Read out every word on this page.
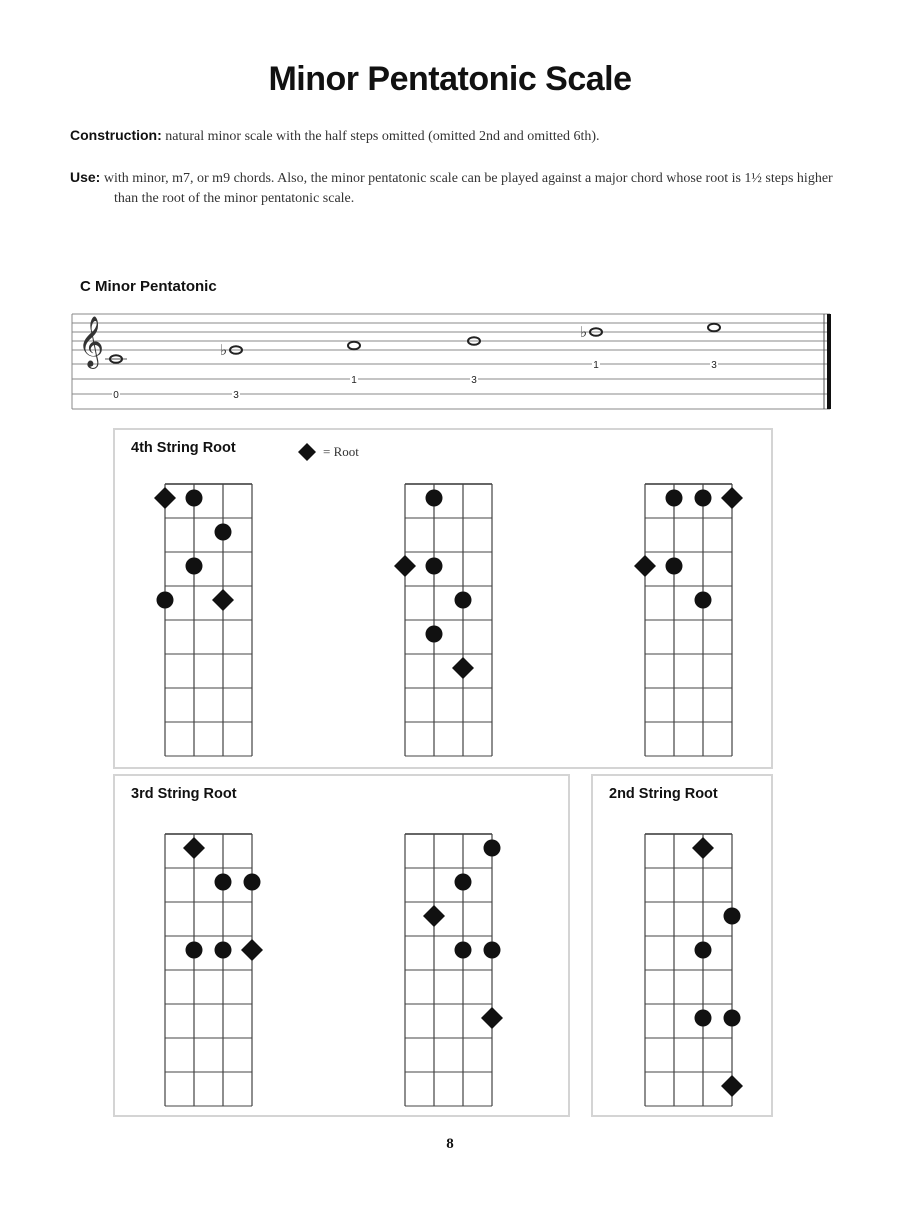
Minor Pentatonic Scale
Construction: natural minor scale with the half steps omitted (omitted 2nd and omitted 6th).
Use: with minor, m7, or m9 chords. Also, the minor pentatonic scale can be played against a major chord whose root is 1½ steps higher than the root of the minor pentatonic scale.
C Minor Pentatonic
𝄞	♭
♭
0	3
1	3
1	3
4th String Root	= Root
3rd String Root	2nd String Root
8
